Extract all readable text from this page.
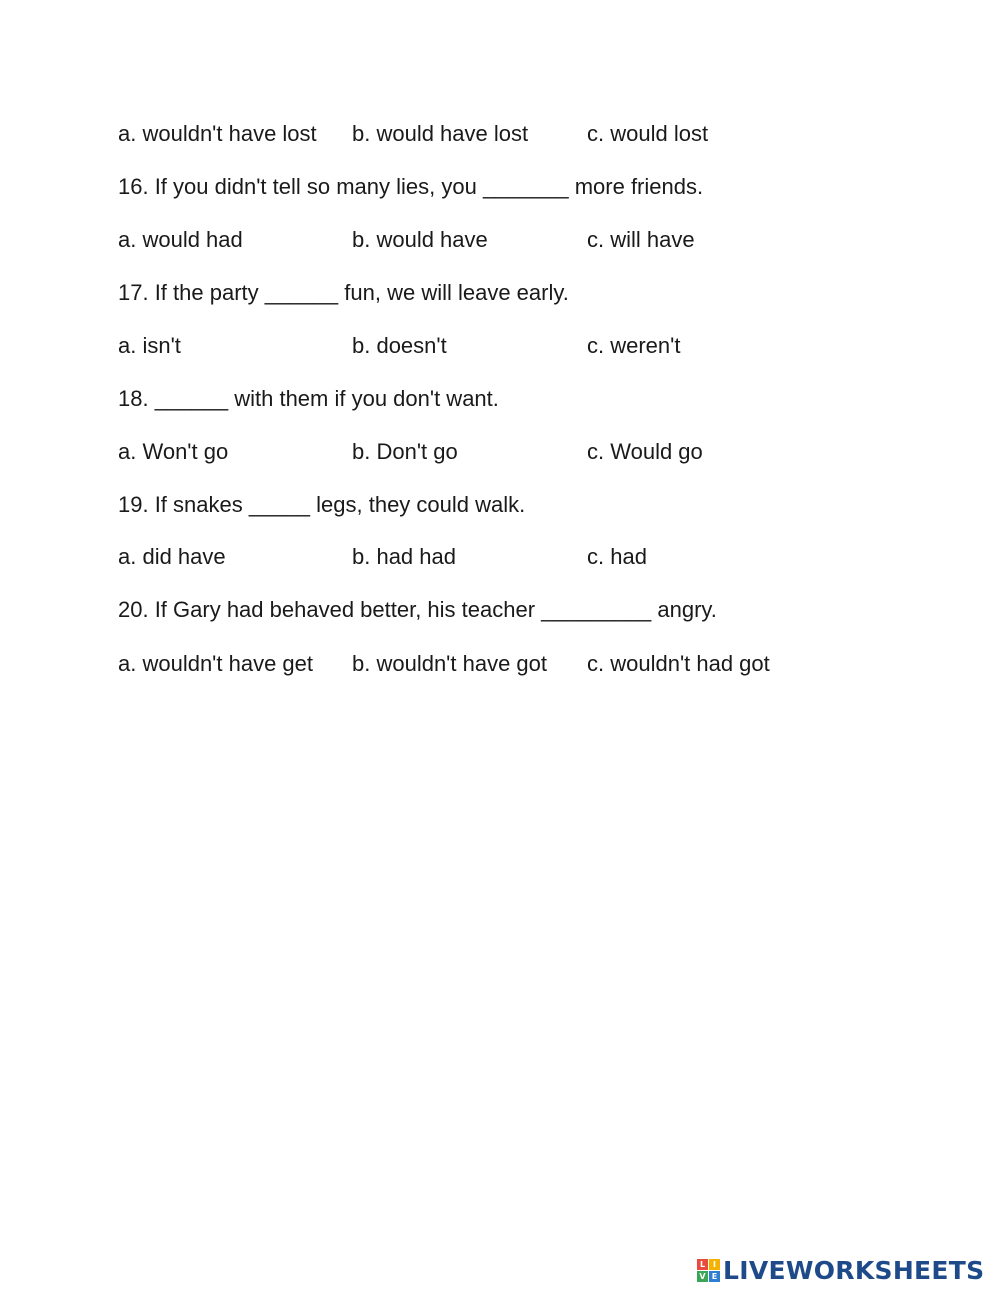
a. wouldn't have lost

b. would have lost

	c. would lost

16. If you didn't tell so many lies, you _______ more friends.

a. would had

	b. would have

	c. will have

17. If the party ______ fun, we will leave early.

a. isn't

	b. doesn't

	c. weren't

18. ______ with them if you don't want.

a. Won't go

	b. Don't go

	c. Would go

19. If snakes _____ legs, they could walk.

a. did have

	b. had had

	c. had

20. If Gary had behaved better, his teacher _________ angry.

a. wouldn't have get

b. wouldn't have got

c. wouldn't had got

L I
V E LIVEWORKSHEETS
